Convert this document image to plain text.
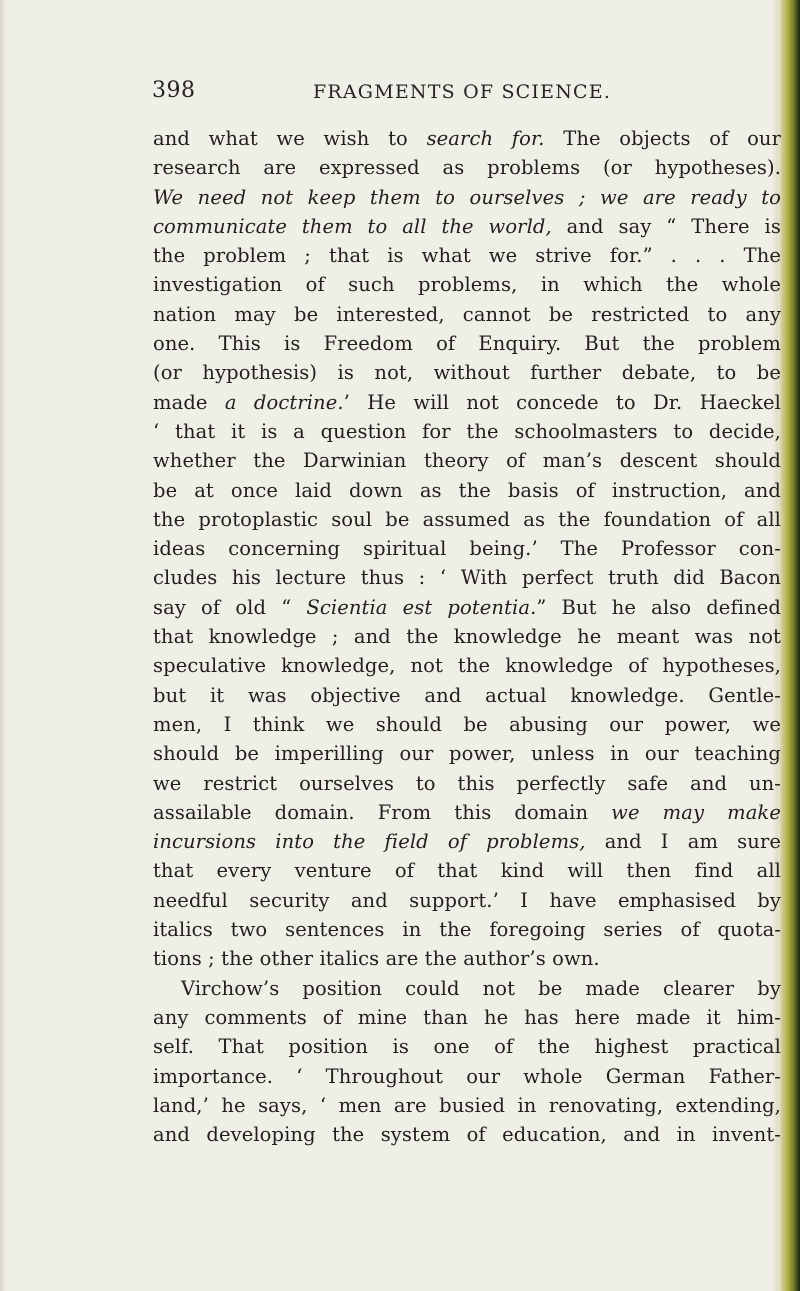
398	FRAGMENTS OF SCIENCE.
and what we wish to search for. The objects of our
research are expressed as problems (or hypotheses).
We need not keep them to ourselves ; we are ready to
communicate them to all the world, and say “ There is
the problem ; that is what we strive for.” . . . The
investigation of such problems, in which the whole
nation may be interested, cannot be restricted to any
one. This is Freedom of Enquiry. But the problem
(or hypothesis) is not, without further debate, to be
made a doctrine.’ He will not concede to Dr. Haeckel
‘ that it is a question for the schoolmasters to decide,
whether the Darwinian theory of man’s descent should
be at once laid down as the basis of instruction, and
the protoplastic soul be assumed as the foundation of all
ideas concerning spiritual being.’ The Professor con-
cludes his lecture thus : ‘ With perfect truth did Bacon
say of old “ Scientia est potentia.” But he also defined
that knowledge ; and the knowledge he meant was not
speculative knowledge, not the knowledge of hypotheses,
but it was objective and actual knowledge. Gentle-
men, I think we should be abusing our power, we
should be imperilling our power, unless in our teaching
we restrict ourselves to this perfectly safe and un-
assailable domain. From this domain we may make
incursions into the field of problems, and I am sure
that every venture of that kind will then find all
needful security and support.’ I have emphasised by
italics two sentences in the foregoing series of quota-
tions ; the other italics are the author’s own.
Virchow’s position could not be made clearer by
any comments of mine than he has here made it him-
self. That position is one of the highest practical
importance. ‘ Throughout our whole German Father-
land,’ he says, ‘ men are busied in renovating, extending,
and developing the system of education, and in invent-
